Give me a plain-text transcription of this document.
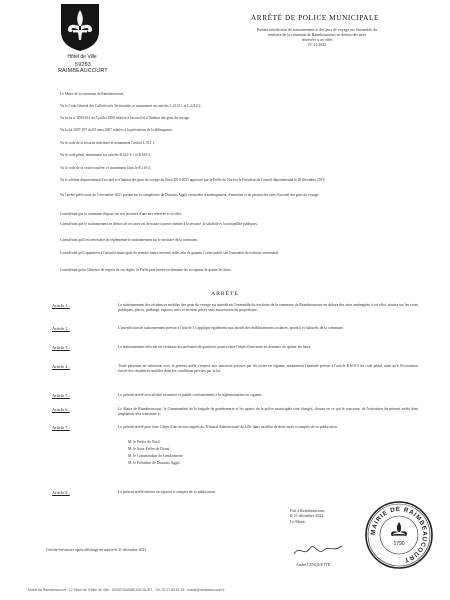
Hôtel de Ville
59283 RAIMBEAUCOURT
ARRÊTÉ DE POLICE MUNICIPALE
Portant interdiction de stationnement et des jeux de voyage sur l'ensemble du
territoire de la commune de Raimbeaucourt en dehors des aires
réservées à cet effet
N° 41/2022
Le Maire de la commune de Raimbeaucourt,
Vu le Code Général des Collectivités Territoriales et notamment ses articles L.2212-1 et L.2212-2,
Vu la loi n°2000-614 du 5 juillet 2000 relative à l'accueil et à l'habitat des gens du voyage,
Vu la loi 2007-297 du 05 mars 2007 relative à la prévention de la délinquance,
Vu le code de la sécurité intérieure et notamment l'article L.511-1,
Vu le code pénal, notamment ses articles R.322-4-1 et R.610-5,
Vu le code de la voirie routière, et notamment l'article R.116-2,
Vu le schéma départemental d'accueil et d'habitat des gens du voyage du Nord 2019-2025 approuvé par le Préfet du Nord et le Président du Conseil départemental le 26 décembre 2019,
Vu l'arrêté préfectoral du 5 novembre 2021 portant sur la compétence de Douaisis Agglo en matière d'aménagement, d'entretien et de gestion des aires d'accueil des gens du voyage,
Considérant que la commune dispose sur son territoire d'une aire réservée à cet effet,
Considérant que le stationnement en dehors de ces aires est de nature à porter atteinte à la sécurité, la salubrité et la tranquillité publiques,
Considérant qu'il est nécessaire de réglementer le stationnement sur le territoire de la commune,
Considérant qu'il appartient à l'autorité municipale de prendre toutes mesures utiles afin de garantir l'ordre public sur l'ensemble du territoire communal,
Considérant qu'en l'absence de respect de ces règles, le Préfet peut mettre en demeure les occupants de quitter les lieux.
ARRÊTE
Article 1 :	Le stationnement des résidences mobiles des gens du voyage est interdit sur l'ensemble du territoire de la commune de Raimbeaucourt en dehors des aires aménagées à cet effet, situées sur les voies publiques, places, parkings, espaces verts et terrains privés sans autorisation du propriétaire.
Article 2 :	L'interdiction de stationnement prévue à l'article 1 s'applique également aux abords des établissements scolaires, sportifs et culturels de la commune.
Article 3 :	Le stationnement effectué en violation des présentes dispositions pourra faire l'objet d'une mise en demeure de quitter les lieux.
Article 4 :	Toute personne en infraction avec le présent arrêté s'expose aux sanctions prévues par les textes en vigueur, notamment l'amende prévue à l'article R.610-5 du code pénal, ainsi qu'à l'évacuation forcée des résidences mobiles dans les conditions prévues par la loi.
Article 5 :	Le présent arrêté sera affiché en mairie et publié conformément à la réglementation en vigueur.
Article 6 :	Le Maire de Raimbeaucourt, le Commandant de la brigade de gendarmerie et les agents de la police municipale sont chargés, chacun en ce qui le concerne, de l'exécution du présent arrêté dont ampliation sera transmise à :
Article 7 :	Le présent arrêté peut faire l'objet d'un recours auprès du Tribunal Administratif de Lille dans un délai de deux mois à compter de sa publication.
M. le Préfet du Nord
M. le Sous-Préfet de Douai
M. le Commandant de Gendarmerie
M. le Président de Douaisis Agglo
Article 8 :	Le présent arrêté entrera en vigueur à compter de sa publication.
Fait à Raimbeaucourt,
le 21 décembre 2022
Le Maire,
André LENQUETTE
MAIRIE DE RAIMBEAUCOURT
1790
Certifié exécutoire après affichage en mairie le 21 décembre 2022
Mairie de Raimbeaucourt - 12 Place de l'Hôtel de Ville - 59283 RAIMBEAUCOURT - Tél. 03 27 80 51 18 - mairie@raimbeaucourt.fr
